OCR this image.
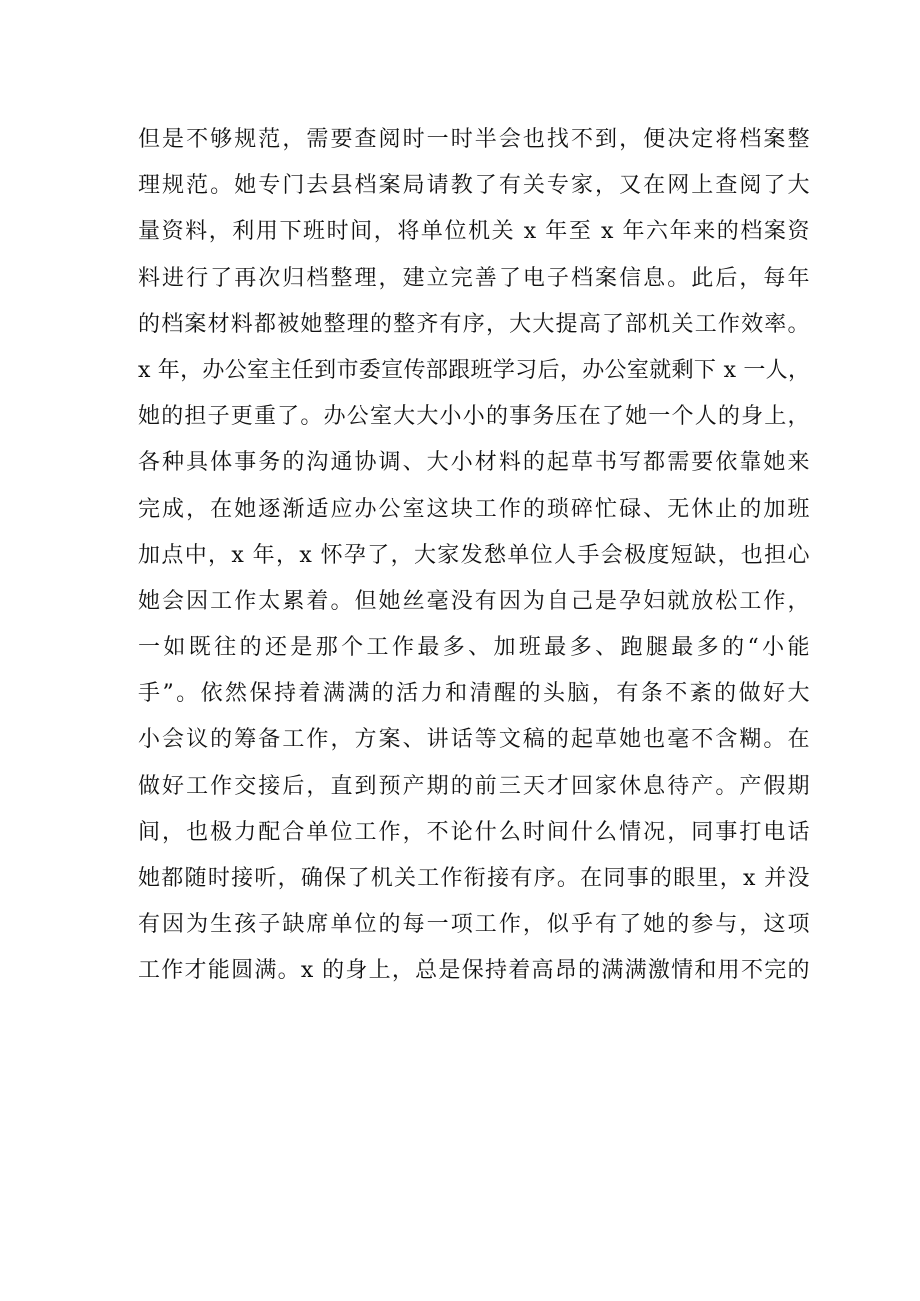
但是不够规范，需要查阅时一时半会也找不到，便决定将档案整
理规范。她专门去县档案局请教了有关专家，又在网上查阅了大
量资料，利用下班时间，将单位机关 x 年至 x 年六年来的档案资
料进行了再次归档整理，建立完善了电子档案信息。此后，每年
的档案材料都被她整理的整齐有序，大大提高了部机关工作效率。
x 年，办公室主任到市委宣传部跟班学习后，办公室就剩下 x 一人，
她的担子更重了。办公室大大小小的事务压在了她一个人的身上，
各种具体事务的沟通协调、大小材料的起草书写都需要依靠她来
完成，在她逐渐适应办公室这块工作的琐碎忙碌、无休止的加班
加点中，x 年，x 怀孕了，大家发愁单位人手会极度短缺，也担心
她会因工作太累着。但她丝毫没有因为自己是孕妇就放松工作，
一如既往的还是那个工作最多、加班最多、跑腿最多的“小能
手”。依然保持着满满的活力和清醒的头脑，有条不紊的做好大
小会议的筹备工作，方案、讲话等文稿的起草她也毫不含糊。在
做好工作交接后，直到预产期的前三天才回家休息待产。产假期
间，也极力配合单位工作，不论什么时间什么情况，同事打电话
她都随时接听，确保了机关工作衔接有序。在同事的眼里，x 并没
有因为生孩子缺席单位的每一项工作，似乎有了她的参与，这项
工作才能圆满。x 的身上，总是保持着高昂的满满激情和用不完的
